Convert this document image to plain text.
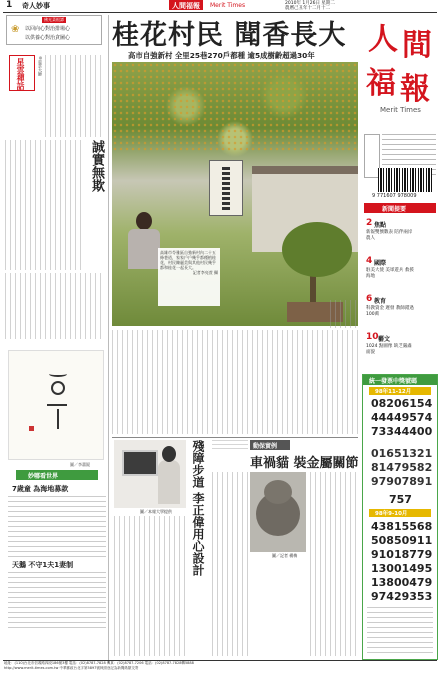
1 奇人妙事	人間福報	Merit Times	2010年 1月26日 星期二
農曆己丑年十二月十二
佛光菜根譚
以回向心對治排場心
以供養心對治貪圖心
❀
星雲禪話	◎星雲大師
誠實無欺
圖／李蕭錕
桂花村民 聞香長大
高市自強新村 全里25巷270戶都種 逾5成樹齡超過30年
高雄市苓雅區自強新村內二十五條巷道，家家戶戶幾乎都種植桂花，村民陳麗美與其他村民幾乎都和桂花一起長大。
記者李亮萱 攝
人 間
福 報
Merit Times
9 771607 978009
新聞提要
2 焦點
新報雙號數表 陪伴兩岸農人
4 國際
駐美大使 美軍遊兵 救援海地
6 教育
科教資金 遲發 教師錯過100萬
10 藝文
1024 點圖像 缺乏嚴肅面貌
統一發票中獎號碼
98年11-12月
08206154
44449574
73344400
01651321
81479582
97907891
757
98年9-10月
43815568
50850911
91018779
13001495
13800479
97429353
妙哪看世界
7歲童 為海地募款
天鵝 不守1夫1妻制
圖／本報大學提供 殘障步道 李正偉用心設計	動保實例
車禍貓 裝金屬關節
圖／記者 楊梅
地址：(110)台北市信義路四段186號3樓 電話：(02)8787-7828 傳真：(02)8787-7206 電話：(02)8787-7828轉5888
http://www.merit-times.com.tw 中華郵政台北字第5897號執照登記為新聞紙類交寄
